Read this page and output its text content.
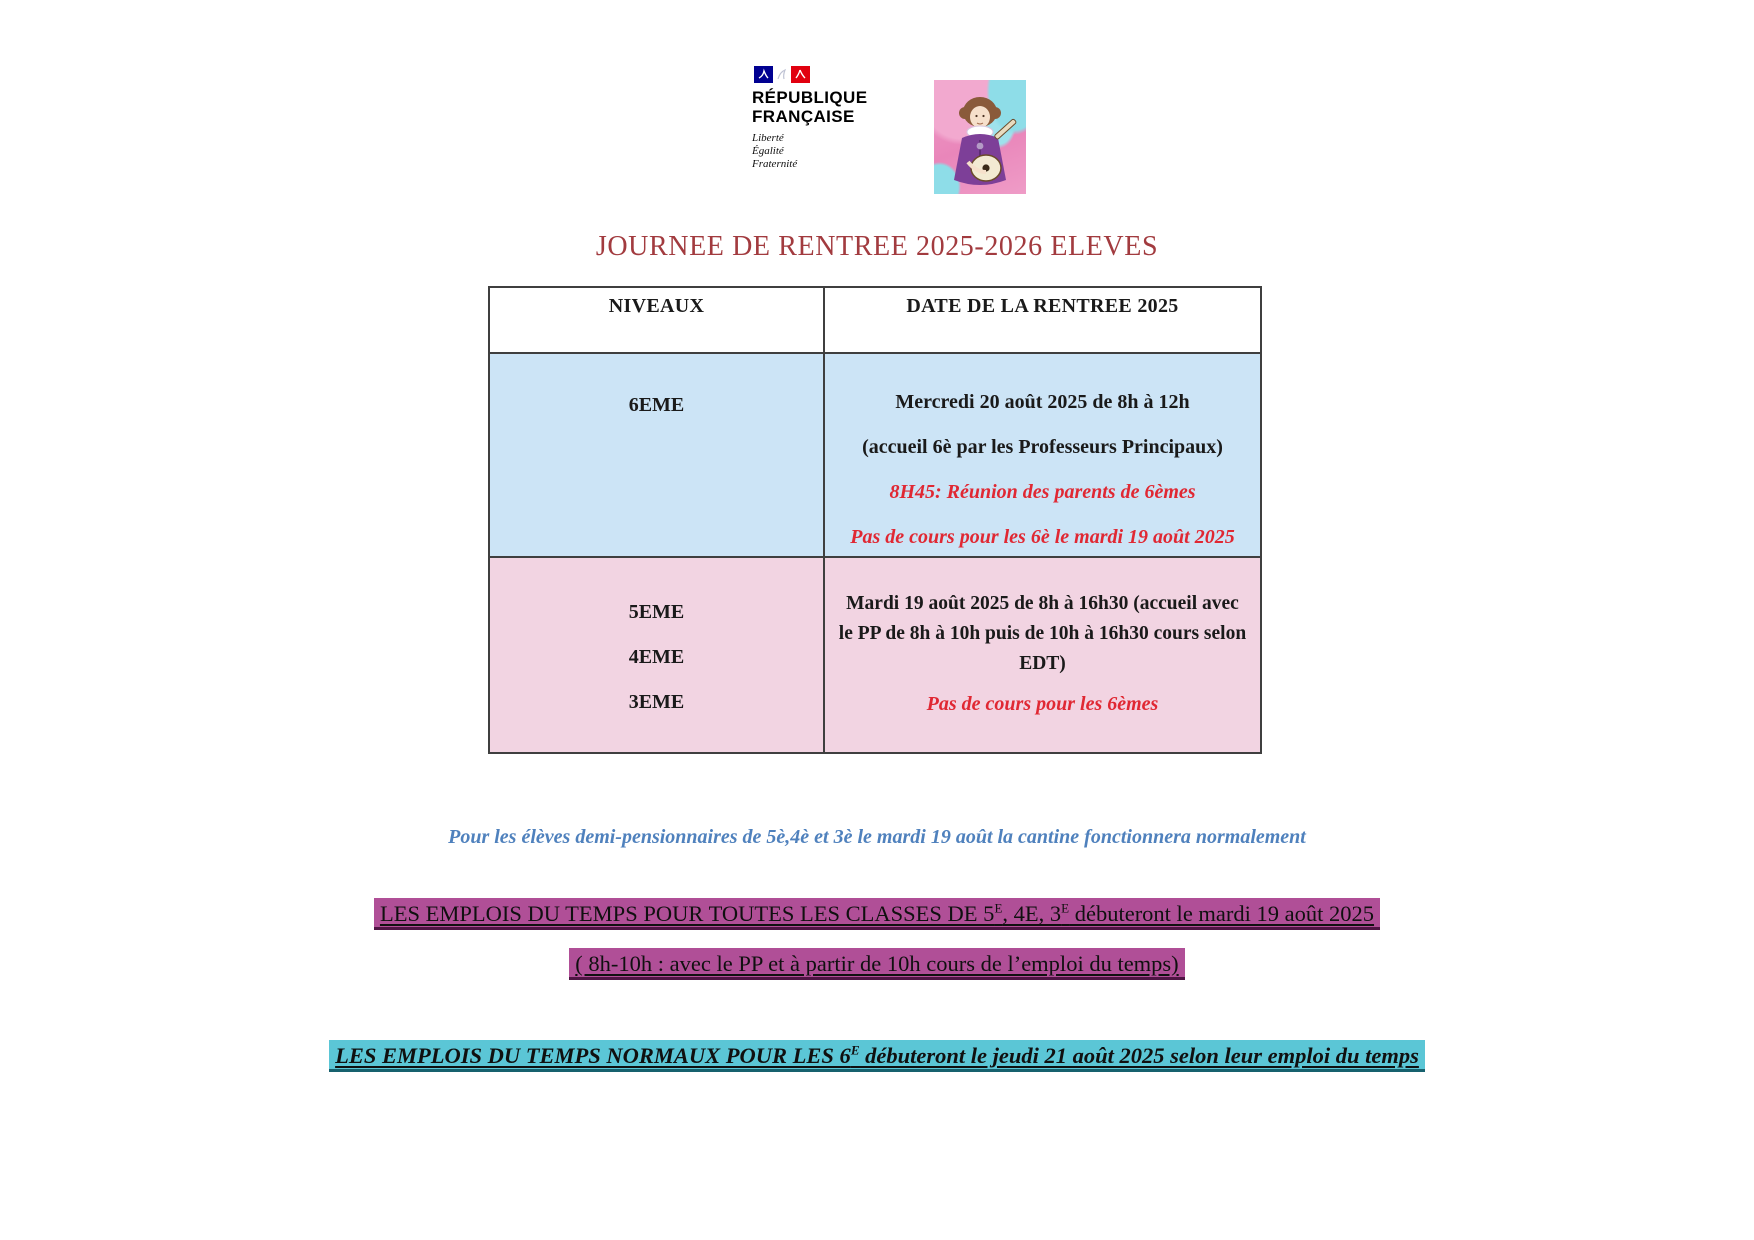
RÉPUBLIQUE
FRANÇAISE
Liberté
Égalité
Fraternité
JOURNEE DE RENTREE 2025-2026 ELEVES
NIVEAUX	DATE DE LA RENTREE 2025
6EME	Mercredi 20 août 2025 de 8h à 12h
(accueil 6è par les Professeurs Principaux)
8H45: Réunion des parents de 6èmes
Pas de cours pour les 6è le mardi 19 août 2025
5EME
4EME
3EME
Mardi 19 août 2025 de 8h à 16h30 (accueil avec le PP de 8h à 10h puis de 10h à 16h30 cours selon EDT)
Pas de cours pour les 6èmes
Pour les élèves demi-pensionnaires de 5è,4è et 3è le mardi 19 août la cantine fonctionnera normalement
LES EMPLOIS DU TEMPS POUR TOUTES LES CLASSES DE $5^E$, 4E, $3^E$ débuteront le mardi 19 août 2025
( 8h-10h : avec le PP et à partir de 10h cours de l’emploi du temps)
LES EMPLOIS DU TEMPS NORMAUX POUR LES $6^E$ débuteront le jeudi 21 août 2025 selon leur emploi du temps
